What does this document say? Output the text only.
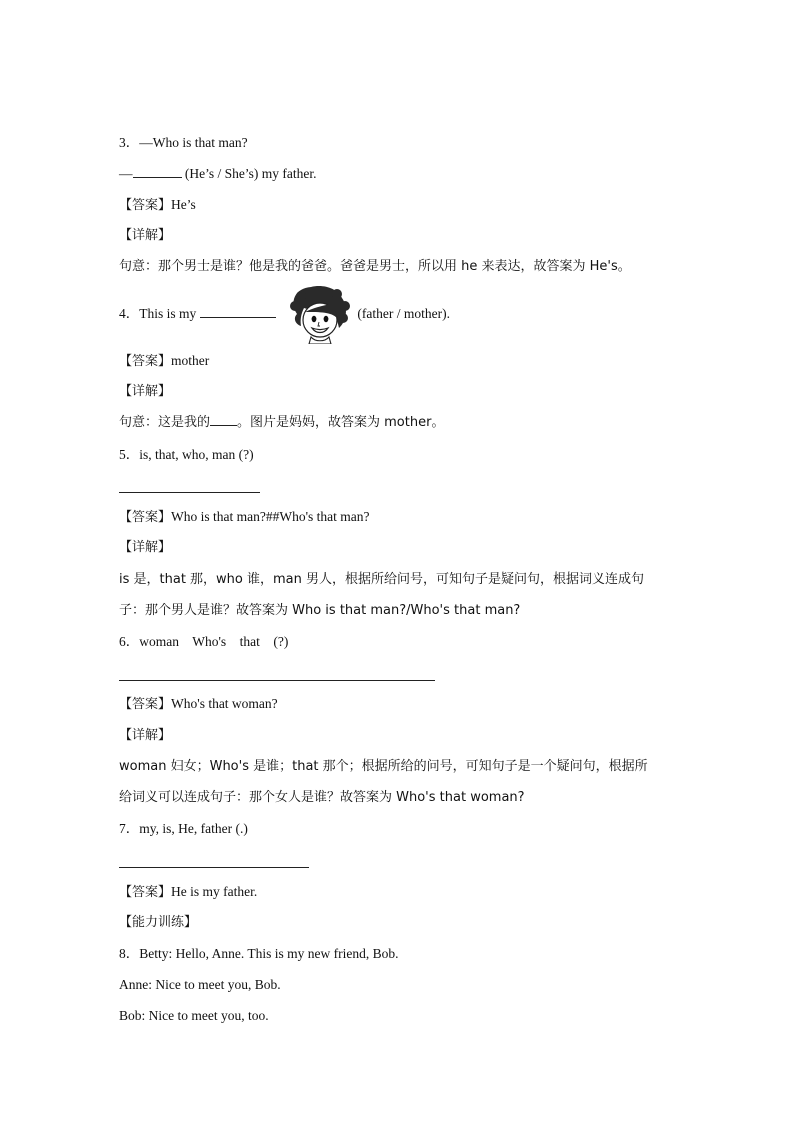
3．—Who is that man?
—	(He’s / She’s) my father.
【答案】He’s
【详解】
句意：那个男士是谁？他是我的爸爸。爸爸是男士，所以用 he 来表达，故答案为 He's。
4．This is my	(father / mother).
【答案】mother
【详解】
句意：这是我的 。图片是妈妈，故答案为 mother。
5．is, that, who, man (?)
【答案】Who is that man?##Who's that man?
【详解】
is 是，that 那，who 谁，man 男人，根据所给问号，可知句子是疑问句，根据词义连成句
子：那个男人是谁？故答案为 Who is that man?/Who's that man?
6．woman    Who's    that    (?)
【答案】Who's that woman?
【详解】
woman 妇女；Who's 是谁；that 那个；根据所给的问号，可知句子是一个疑问句，根据所
给词义可以连成句子：那个女人是谁？故答案为 Who's that woman?
7．my, is, He, father (.)
【答案】He is my father.
【能力训练】
8．Betty: Hello, Anne. This is my new friend, Bob.
Anne: Nice to meet you, Bob.
Bob: Nice to meet you, too.
